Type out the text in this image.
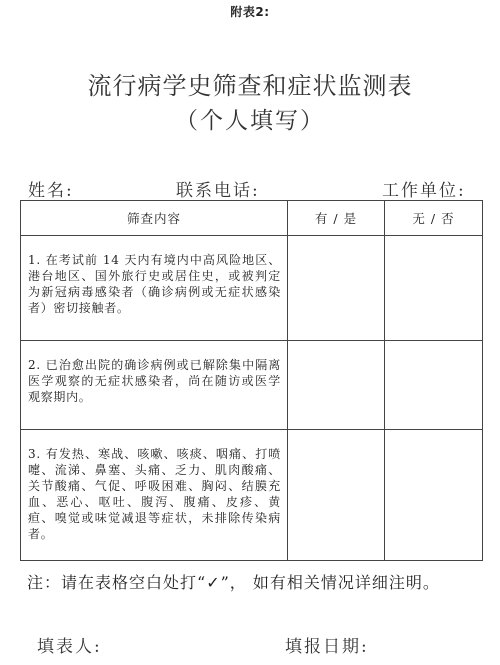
附表2:
流行病学史筛查和症状监测表
（个人填写）
姓名:	联系电话:	工作单位:
筛查内容	有 / 是	无 / 否

1. 在考试前 14 天内有境内中高风险地区、港台地区、国外旅行史或居住史，或被判定为新冠病毒感染者（确诊病例或无症状感染者）密切接触者。		

2. 已治愈出院的确诊病例或已解除集中隔离医学观察的无症状感染者，尚在随访或医学观察期内。		

3. 有发热、寒战、咳嗽、咳痰、咽痛、打喷嚏、流涕、鼻塞、头痛、乏力、肌肉酸痛、关节酸痛、气促、呼吸困难、胸闷、结膜充血、恶心、呕吐、腹泻、腹痛、皮疹、黄疸、嗅觉或味觉减退等症状，未排除传染病者。		

注：请在表格空白处打“✓”， 如有相关情况详细注明。
填表人:	填报日期:
